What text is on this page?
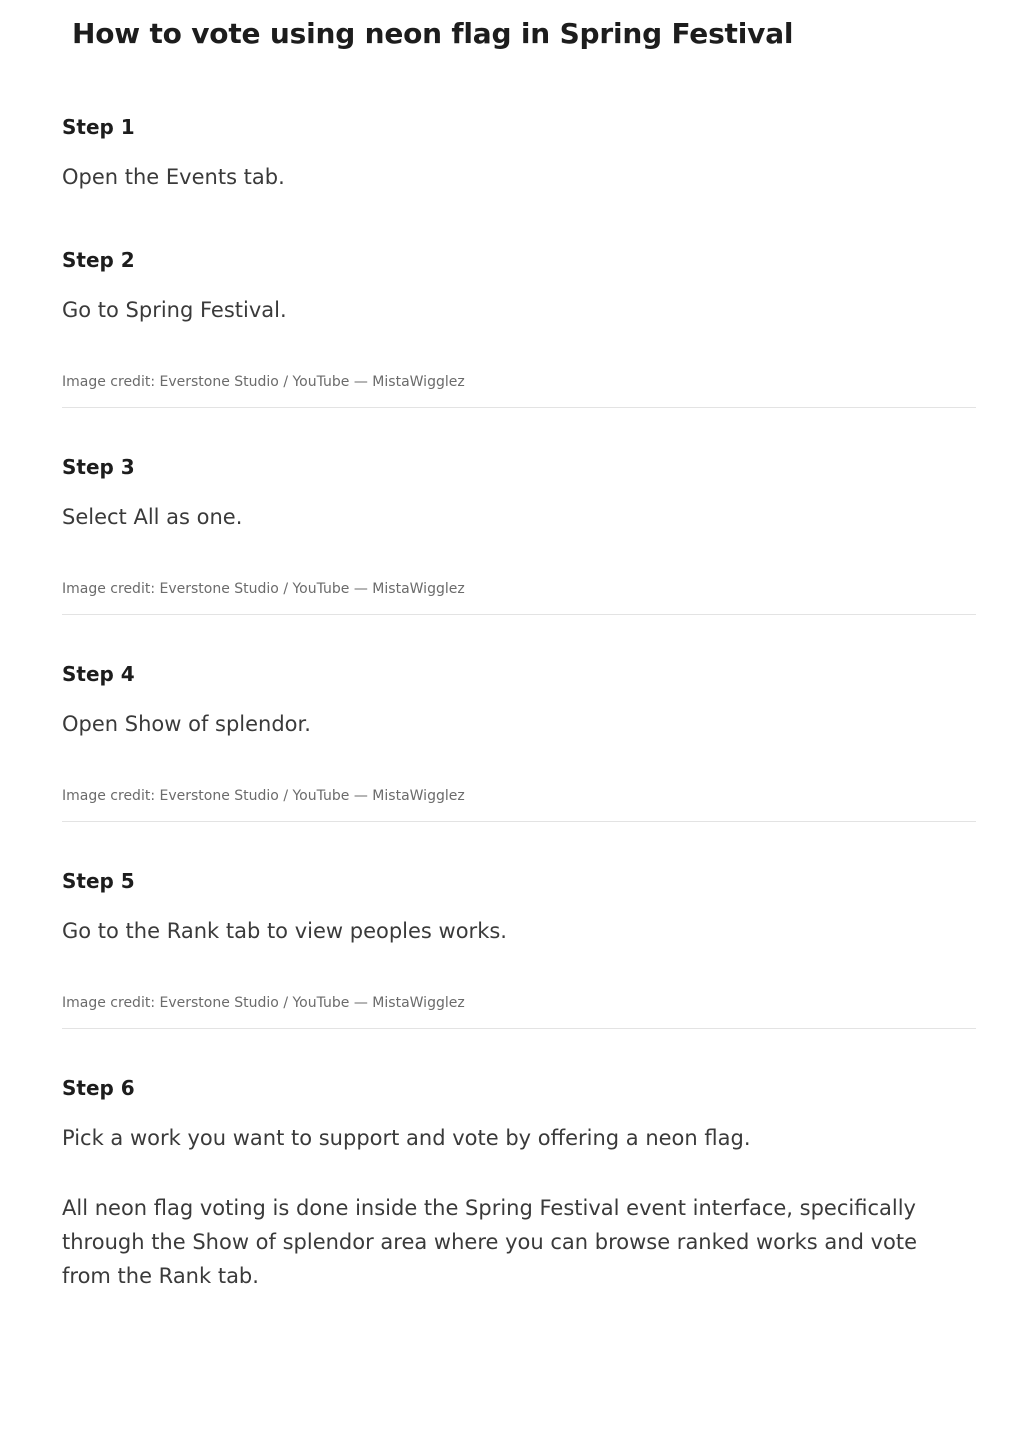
How to vote using neon flag in Spring Festival
Step 1

Open the Events tab.

Step 2

Go to Spring Festival.

Image credit: Everstone Studio / YouTube — MistaWigglez

Step 3

Select All as one.

Image credit: Everstone Studio / YouTube — MistaWigglez

Step 4

Open Show of splendor.

Image credit: Everstone Studio / YouTube — MistaWigglez

Step 5

Go to the Rank tab to view peoples works.

Image credit: Everstone Studio / YouTube — MistaWigglez

Step 6

Pick a work you want to support and vote by offering a neon flag.

All neon flag voting is done inside the Spring Festival event interface, specifically through the Show of splendor area where you can browse ranked works and vote from the Rank tab.
